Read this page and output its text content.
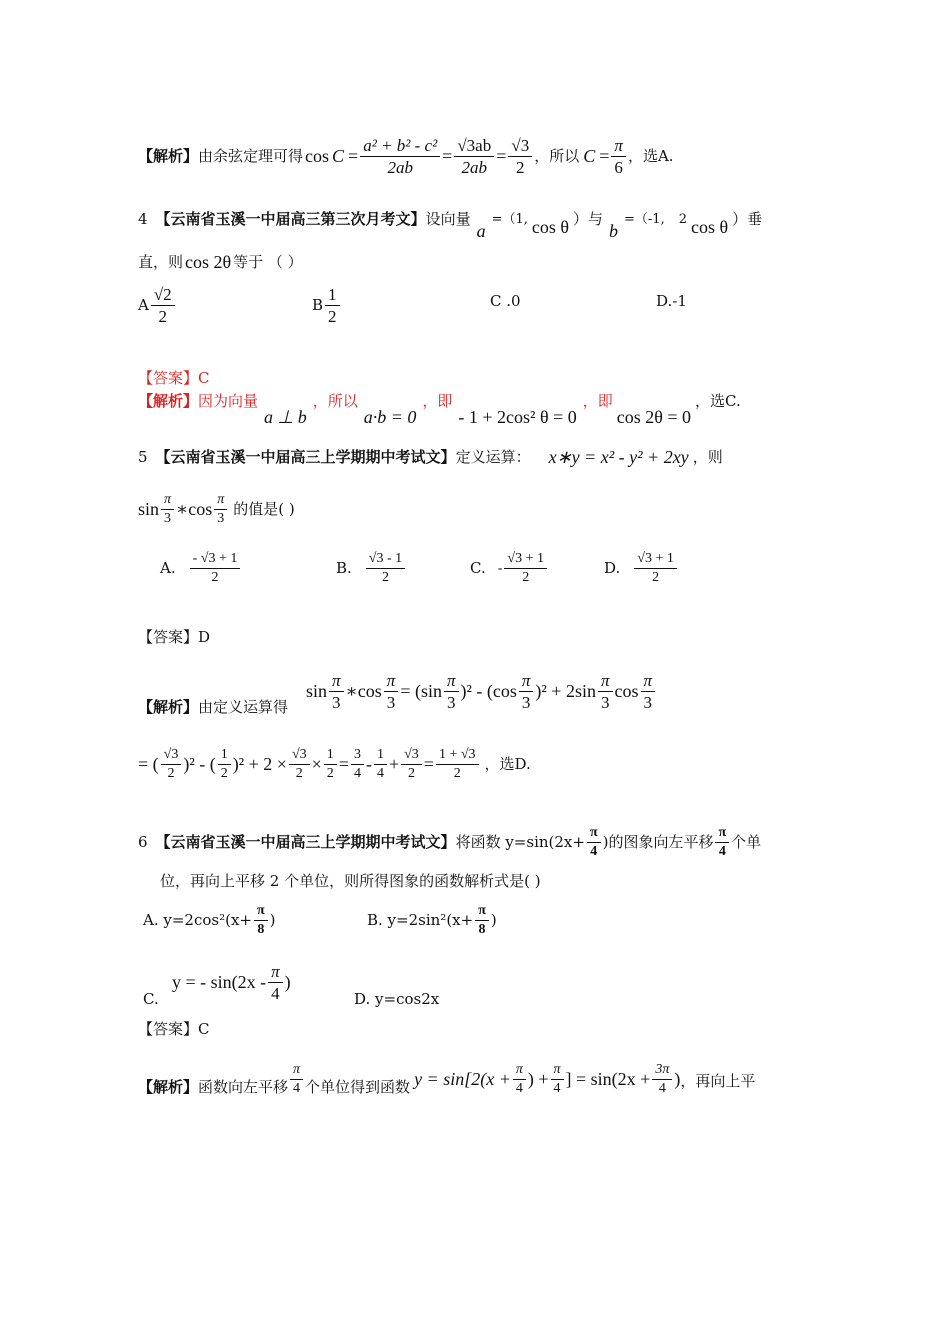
【解析】 由余弦定理可得 $\cos C = \frac{\text{a² + b² - c²}}{2ab} = \frac{√3ab}{2ab} = \frac{√3}{2}$ ，所以 $C = \frac{\pi}{6}$ ，选A.
4 【云南省玉溪一中届高三第三次月考文】 设向量
a
=（1, cos θ ）与
b
=（-1, 2 cos θ ）垂
直，则 cos 2θ 等于 （ ）
A $\frac{√2}{2}$	B $\frac{1}{2}$	C .0	D.-1
【答案】C
【解析】 因为向量
a ⊥ b
，所以
a·b = 0
，即
- 1 + 2cos² θ = 0
，即
cos 2θ = 0
，选C.
5 【云南省玉溪一中届高三上学期期中考试文】 定义运算： x∗y = x² - y² + 2xy ，则
$\sin \frac{\pi}{3}$ ∗cos $\frac{\pi}{3}$ 的值是( )
A. $\frac{- √3 + 1}{2}$	B. $\frac{√3 - 1}{2}$	C. - $\frac{√3 + 1}{2}$	D. $\frac{√3 + 1}{2}$
【答案】D
$\sin \frac{\pi}{3}$ ∗cos $\frac{\pi}{3} = (\sin \frac{\pi}{3} )^2 - (\cos \frac{\pi}{3} )^2 + 2\sin \frac{\pi}{3}$ $\cos \frac{\pi}{3}$
【解析】 由定义运算得
= ( $\frac{√3}{2} )^2$ - ( $\frac{1}{2} )^2 + 2 \times \frac{√3}{2} \times \frac{1}{2} = \frac{3}{4} - \frac{1}{4} + \frac{√3}{2} = \frac{1 + √3}{2}$ ，选D.
6 【云南省玉溪一中届高三上学期期中考试文】 将函数 $y=\sin(2x+ \frac{\pi}{4}$ )的图象向左平移 $\frac{\pi}{4}$ 个单
位，再向上平移 2 个单位，则所得图象的函数解析式是( )
A. $y=2\cos^2(x+ \frac{\pi}{8}$ )	B. $y=2\sin^2(x+ \frac{\pi}{8}$ )
y = - $\sin(2x - \frac{\pi}{4}$ )
C.	D. y=cos2x
【答案】C
【解析】 函数向左平移 $\frac{\pi}{4}$ 个单位得到函数 $y = \sin[2(x + \frac{\pi}{4}$ ) + $\frac{\pi}{4}$ ] = $\sin(2x + \frac{3\pi}{4}$ ) ，再向上平
